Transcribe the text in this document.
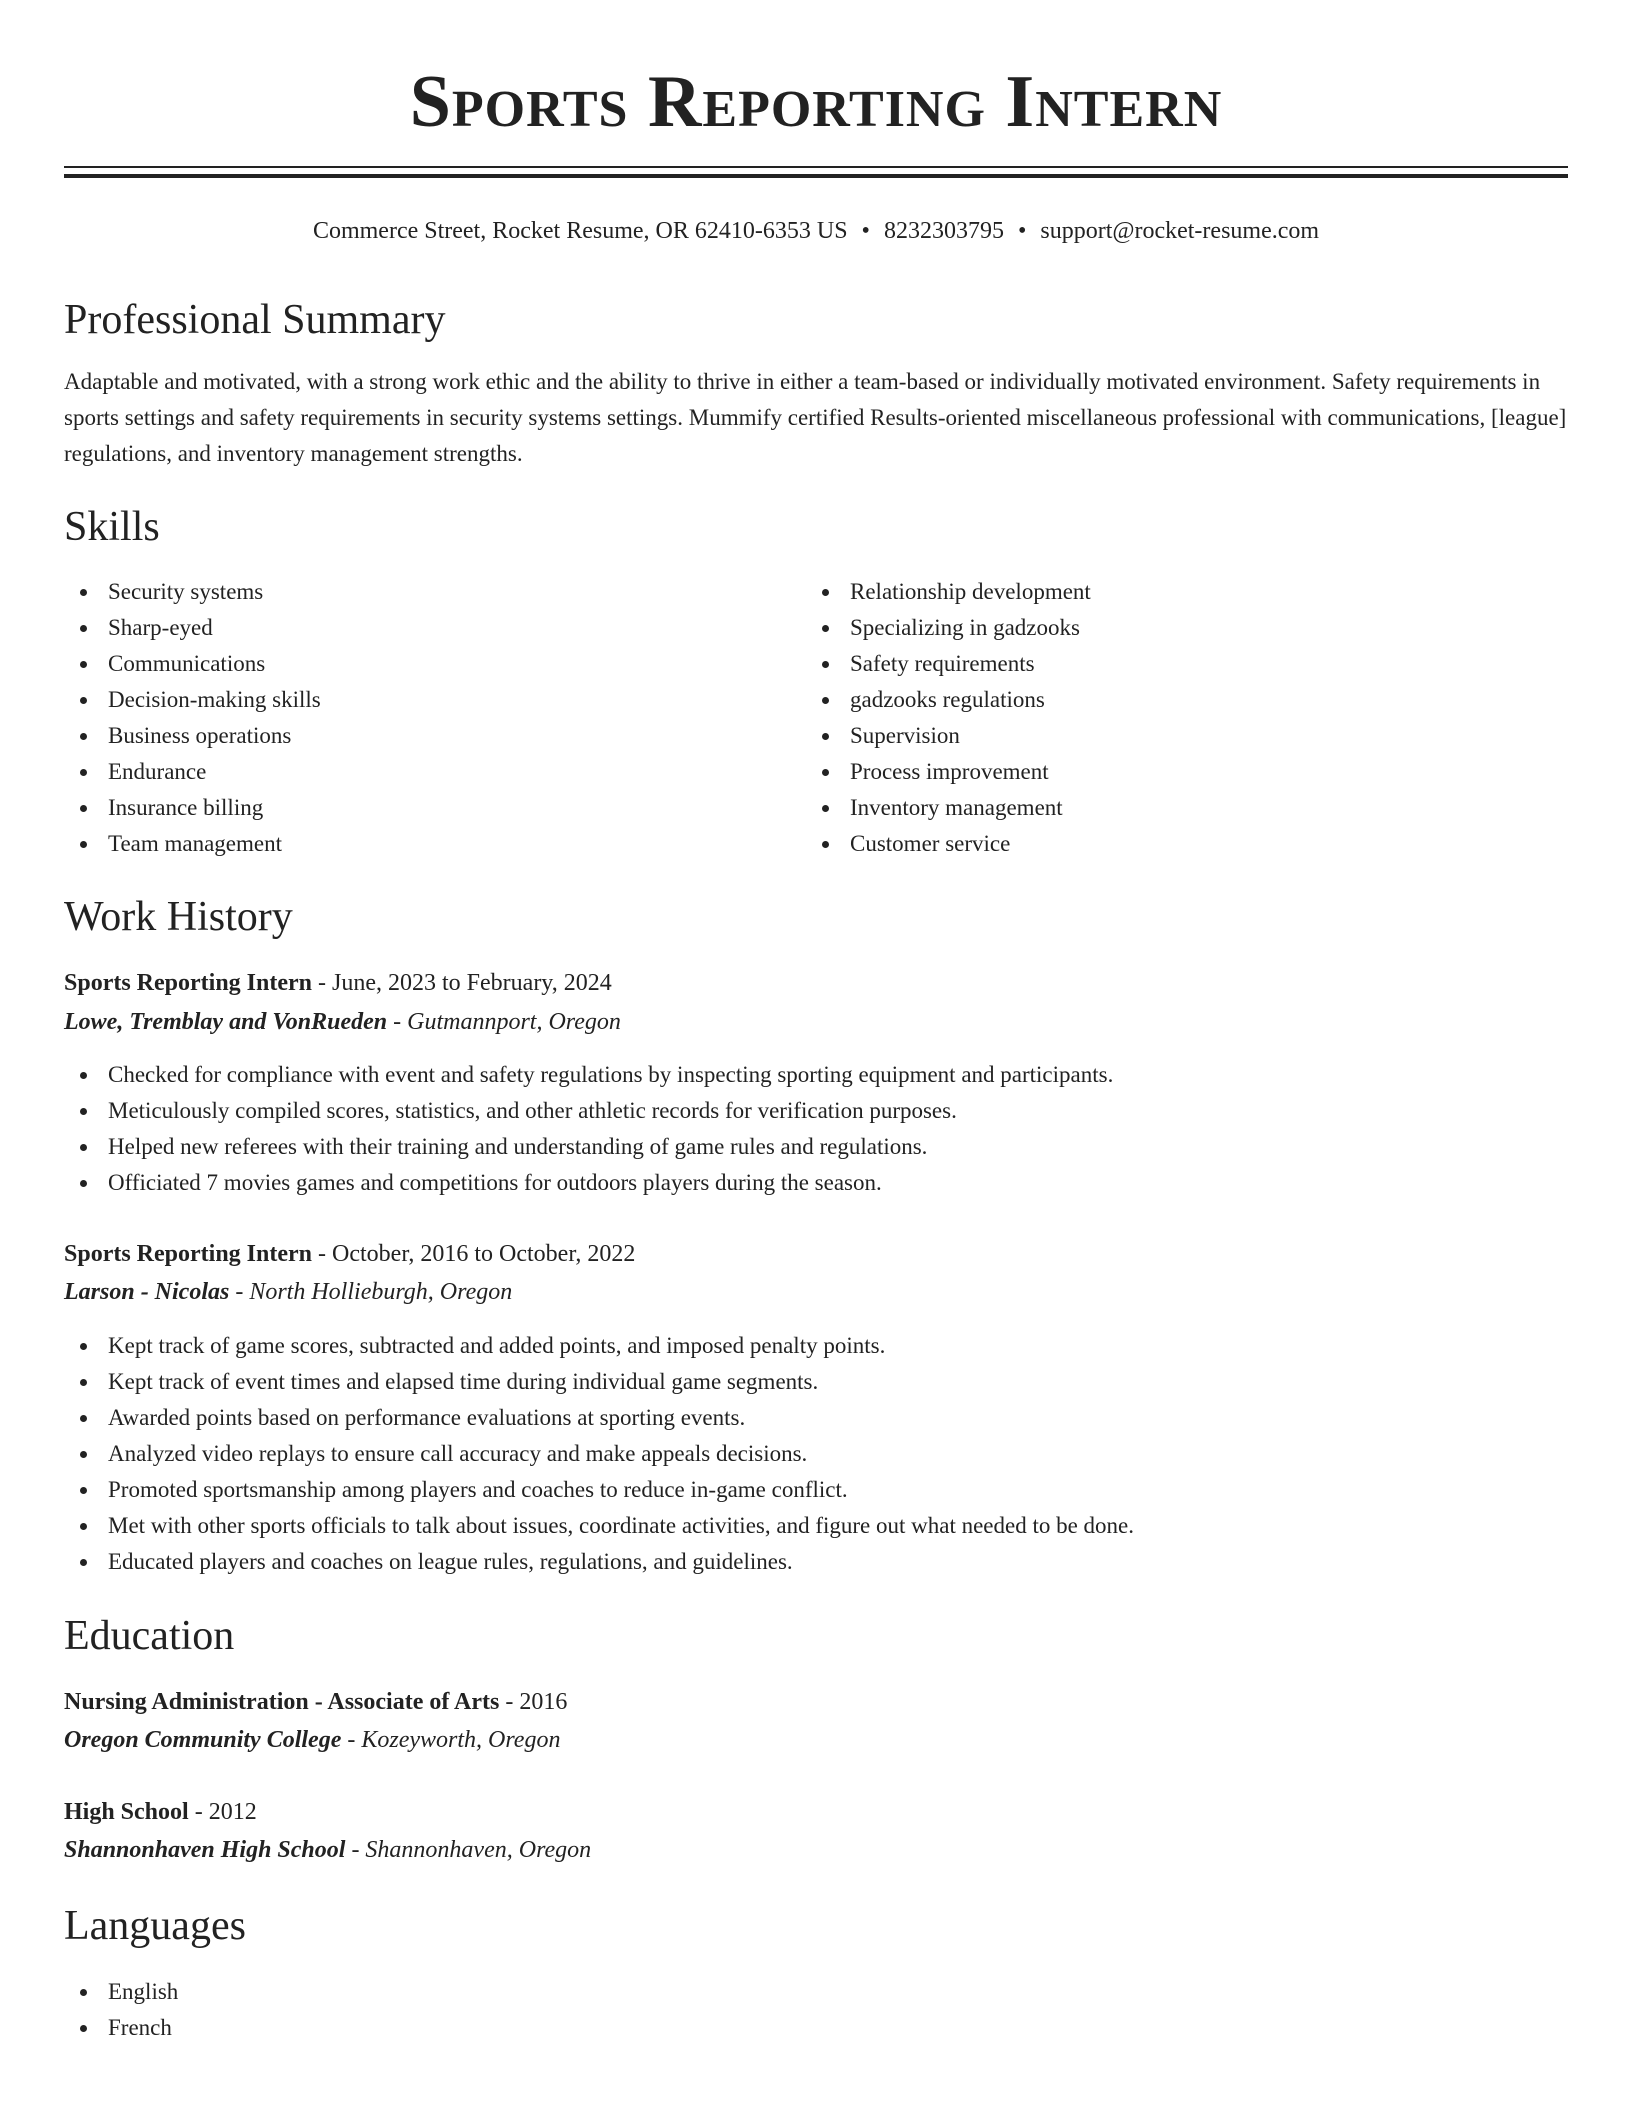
Sports Reporting Intern
Commerce Street, Rocket Resume, OR 62410-6353 US • 8232303795 • support@rocket-resume.com
Professional Summary

Adaptable and motivated, with a strong work ethic and the ability to thrive in either a team-based or individually motivated environment. Safety requirements in sports settings and safety requirements in security systems settings. Mummify certified Results-oriented miscellaneous professional with communications, [league] regulations, and inventory management strengths.

Skills
Security systems
Sharp-eyed
Communications
Decision-making skills
Business operations
Endurance
Insurance billing
Team management
Relationship development
Specializing in gadzooks
Safety requirements
gadzooks regulations
Supervision
Process improvement
Inventory management
Customer service
Work History
Sports Reporting Intern - June, 2023 to February, 2024
Lowe, Tremblay and VonRueden - Gutmannport, Oregon
Checked for compliance with event and safety regulations by inspecting sporting equipment and participants.
Meticulously compiled scores, statistics, and other athletic records for verification purposes.
Helped new referees with their training and understanding of game rules and regulations.
Officiated 7 movies games and competitions for outdoors players during the season.
Sports Reporting Intern - October, 2016 to October, 2022
Larson - Nicolas - North Hollieburgh, Oregon
Kept track of game scores, subtracted and added points, and imposed penalty points.
Kept track of event times and elapsed time during individual game segments.
Awarded points based on performance evaluations at sporting events.
Analyzed video replays to ensure call accuracy and make appeals decisions.
Promoted sportsmanship among players and coaches to reduce in-game conflict.
Met with other sports officials to talk about issues, coordinate activities, and figure out what needed to be done.
Educated players and coaches on league rules, regulations, and guidelines.
Education
Nursing Administration - Associate of Arts - 2016
Oregon Community College - Kozeyworth, Oregon
High School - 2012
Shannonhaven High School - Shannonhaven, Oregon
Languages
English
French
